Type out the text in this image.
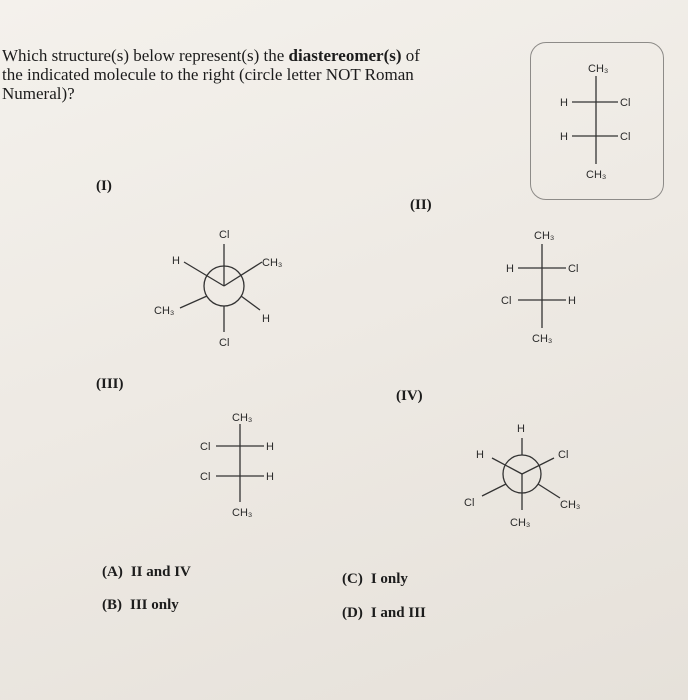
Which structure(s) below represent(s) the diastereomer(s) of
the indicated molecule to the right (circle letter NOT Roman
Numeral)?
CH₃
H	Cl
H	Cl
CH₃
(I)
(II)
Cl
H	CH₃
CH₃
H
Cl
CH₃
H	Cl
Cl	H
CH₃
(III)
(IV)
CH₃
Cl	H
Cl	H
CH₃
H
H	Cl
Cl	CH₃
CH₃
(A) II and IV
(B) III only
(C) I only
(D) I and III
